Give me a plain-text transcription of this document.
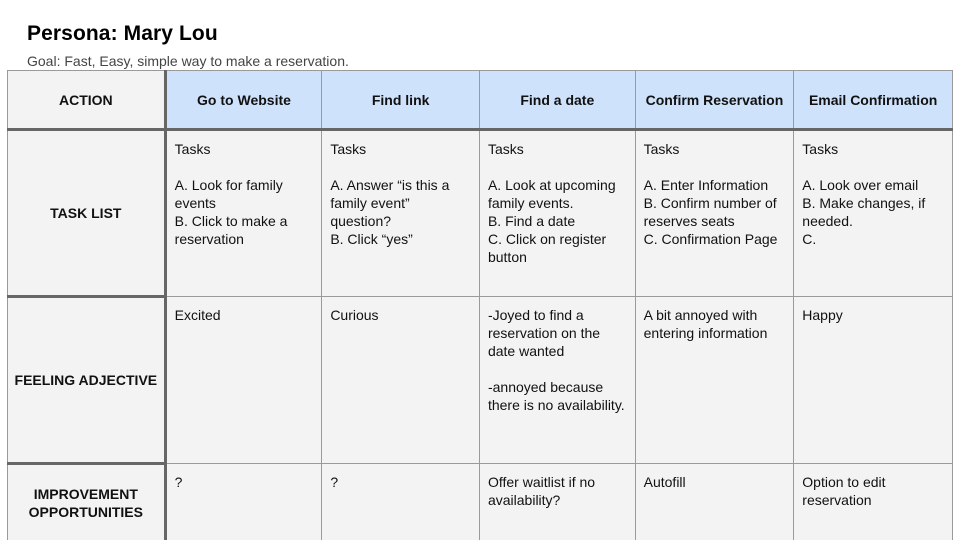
Persona: Mary Lou
Goal: Fast, Easy, simple way to make a reservation.
ACTION	Go to Website	Find link	Find a date	Confirm Reservation	Email Confirmation
TASK LIST	Tasks
A. Look for family events
B. Click to make a reservation	Tasks
A. Answer “is this a family event” question?
B. Click “yes”	Tasks
A. Look at upcoming family events.
B. Find a date
C. Click on register button	Tasks
A. Enter Information
B. Confirm number of reserves seats
C. Confirmation Page	Tasks
A. Look over email
B. Make changes, if needed.
C.

FEELING ADJECTIVE	Excited	Curious	-Joyed to find a reservation on the date wanted
-annoyed because there is no availability.	A bit annoyed with entering information	Happy

IMPROVEMENT OPPORTUNITIES	?	?	Offer waitlist if no availability?	Autofill	Option to edit reservation
